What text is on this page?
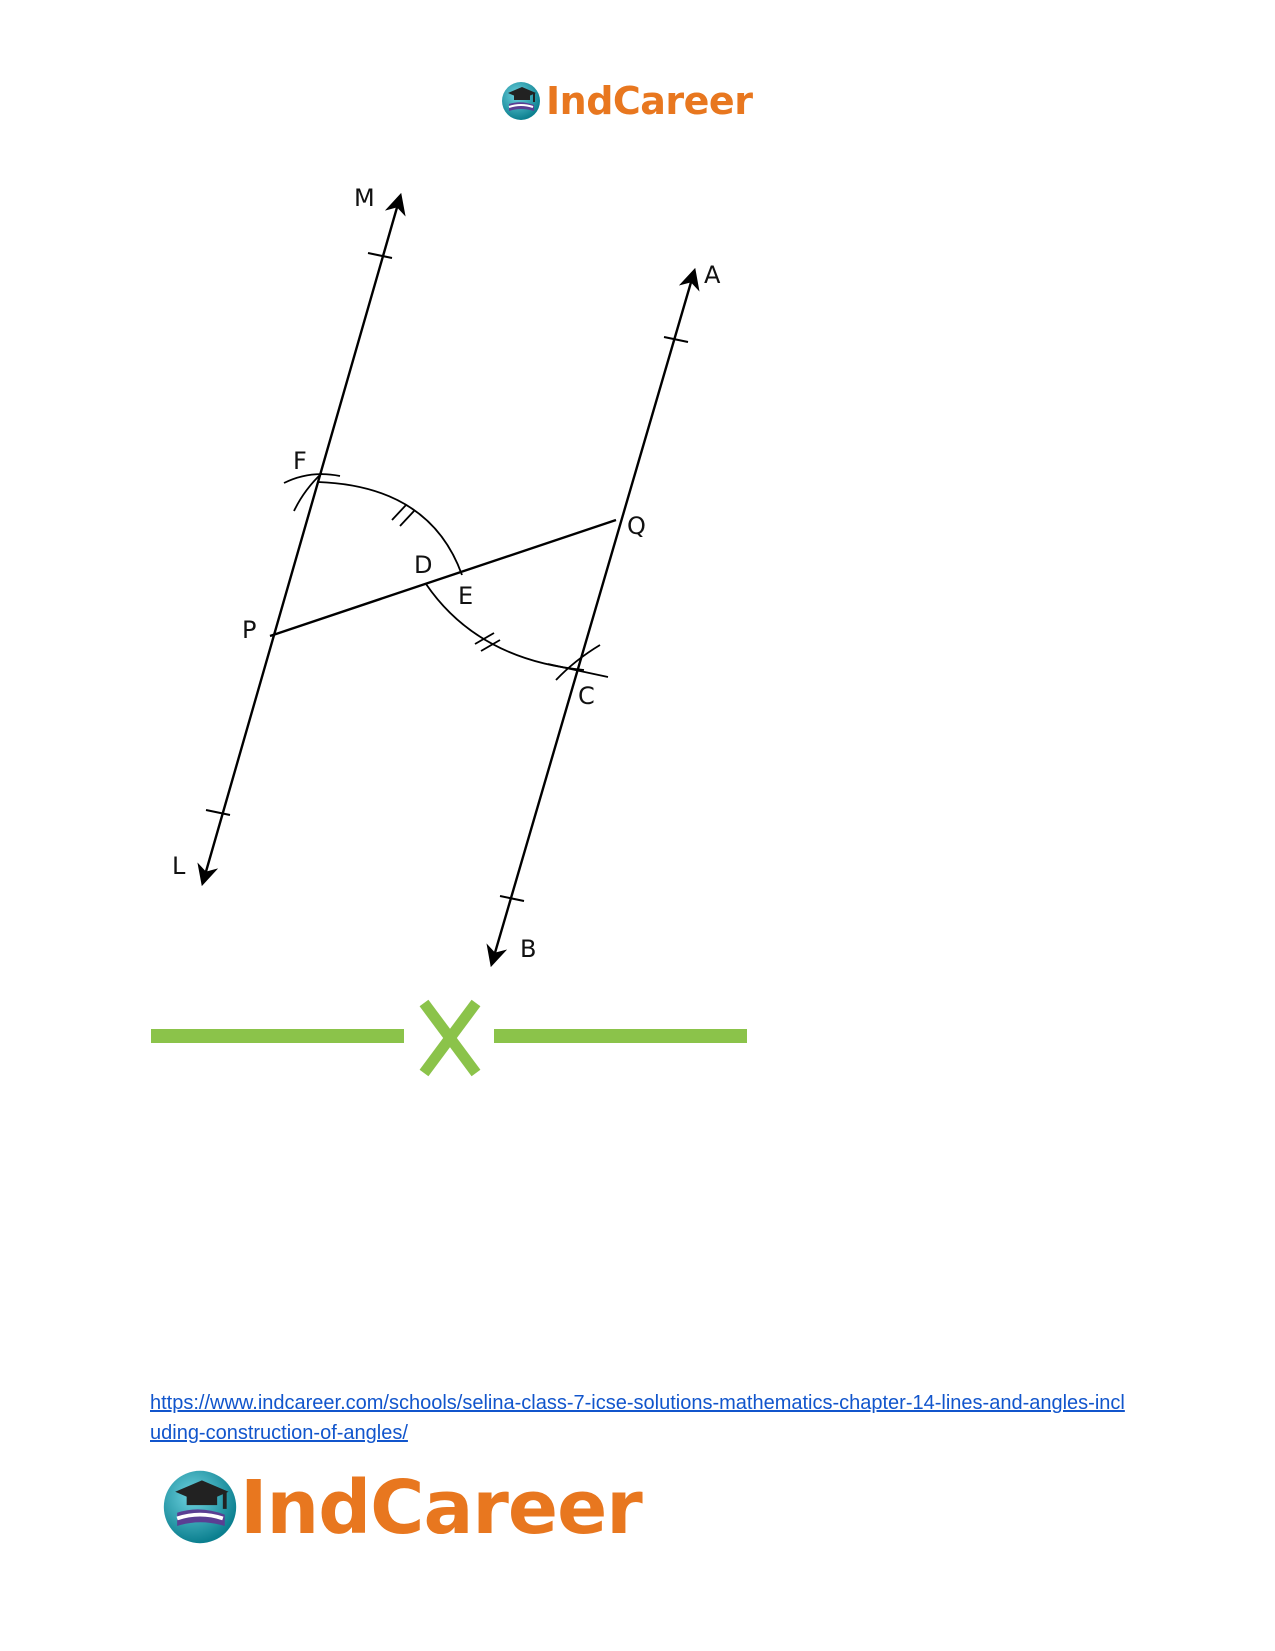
IndCareer
M
A
F
Q
D
E
P
C
L
B
https://www.indcareer.com/schools/selina-class-7-icse-solutions-mathematics-chapter-14-lines-and-angles-including-construction-of-angles/
IndCareer
